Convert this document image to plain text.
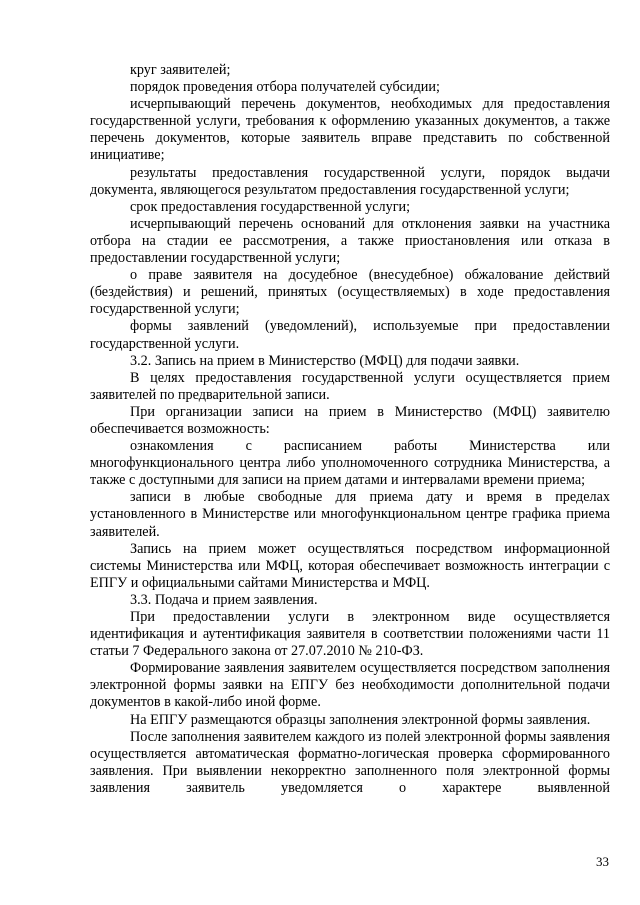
круг заявителей;

порядок проведения отбора получателей субсидии;

исчерпывающий перечень документов, необходимых для предоставления государственной услуги, требования к оформлению указанных документов, а также перечень документов, которые заявитель вправе представить по собственной инициативе;

результаты предоставления государственной услуги, порядок выдачи документа, являющегося результатом предоставления государственной услуги;

срок предоставления государственной услуги;

исчерпывающий перечень оснований для отклонения заявки на участника отбора на стадии ее рассмотрения, а также приостановления или отказа в предоставлении государственной услуги;

о праве заявителя на досудебное (внесудебное) обжалование действий (бездействия) и решений, принятых (осуществляемых) в ходе предоставления государственной услуги;

формы заявлений (уведомлений), используемые при предоставлении государственной услуги.

3.2. Запись на прием в Министерство (МФЦ) для подачи заявки.

В целях предоставления государственной услуги осуществляется прием заявителей по предварительной записи.

При организации записи на прием в Министерство (МФЦ) заявителю обеспечивается возможность:

ознакомления с расписанием работы Министерства или многофункционального центра либо уполномоченного сотрудника Министерства, а также с доступными для записи на прием датами и интервалами времени приема;

записи в любые свободные для приема дату и время в пределах установленного в Министерстве или многофункциональном центре графика приема заявителей.

Запись на прием может осуществляться посредством информационной системы Министерства или МФЦ, которая обеспечивает возможность интеграции с ЕПГУ и официальными сайтами Министерства и МФЦ.

3.3. Подача и прием заявления.

При предоставлении услуги в электронном виде осуществляется идентификация и аутентификация заявителя в соответствии положениями части 11 статьи 7 Федерального закона от 27.07.2010 № 210-ФЗ.

Формирование заявления заявителем осуществляется посредством заполнения электронной формы заявки на ЕПГУ без необходимости дополнительной подачи документов в какой-либо иной форме.

На ЕПГУ размещаются образцы заполнения электронной формы заявления.

После заполнения заявителем каждого из полей электронной формы заявления осуществляется автоматическая форматно-логическая проверка сформированного заявления. При выявлении некорректно заполненного поля электронной формы заявления заявитель уведомляется о характере выявленной

33
